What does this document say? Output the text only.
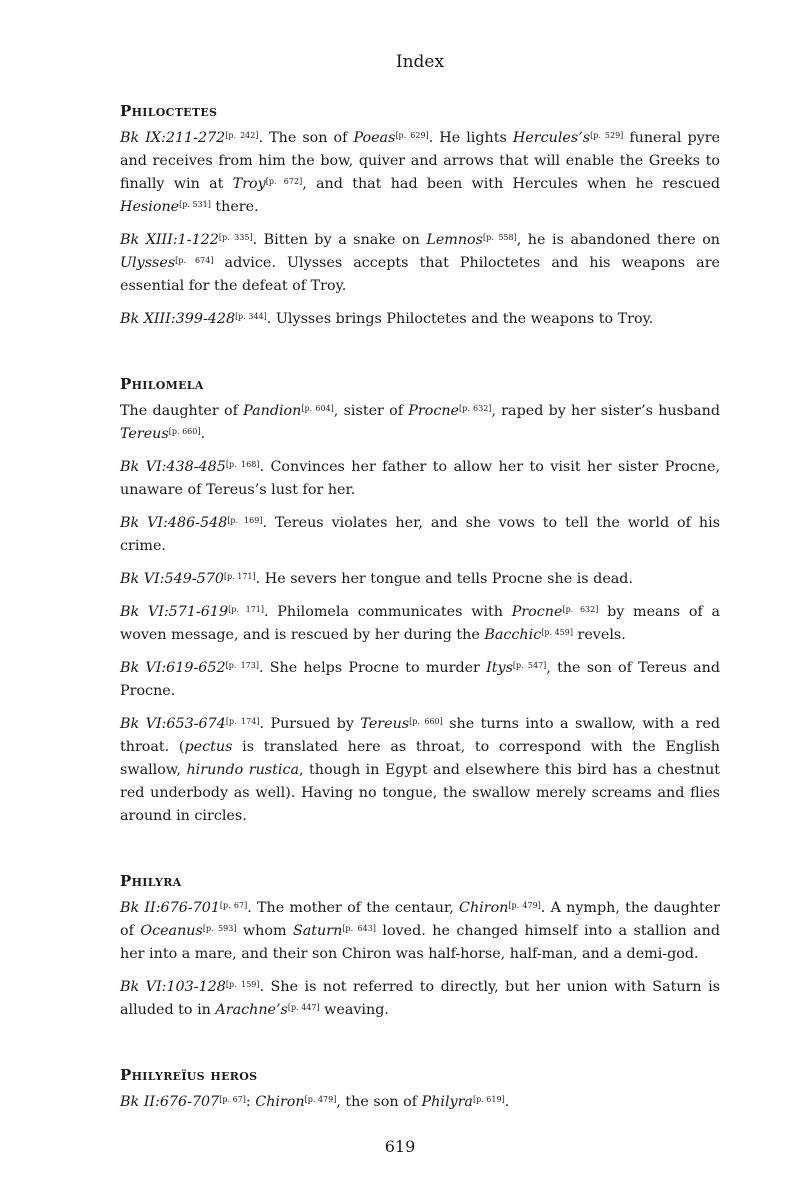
Index
Philoctetes

Bk IX:211-272[p. 242]. The son of Poeas[p. 629]. He lights Hercules’s[p. 529] funeral pyre and receives from him the bow, quiver and arrows that will enable the Greeks to finally win at Troy[p. 672], and that had been with Hercules when he rescued Hesione[p. 531] there.

Bk XIII:1-122[p. 335]. Bitten by a snake on Lemnos[p. 558], he is abandoned there on Ulysses[p. 674] advice. Ulysses accepts that Philoctetes and his weapons are essential for the defeat of Troy.

Bk XIII:399-428[p. 344]. Ulysses brings Philoctetes and the weapons to Troy.

Philomela

The daughter of Pandion[p. 604], sister of Procne[p. 632], raped by her sister’s husband Tereus[p. 660].

Bk VI:438-485[p. 168]. Convinces her father to allow her to visit her sister Procne, unaware of Tereus’s lust for her.

Bk VI:486-548[p. 169]. Tereus violates her, and she vows to tell the world of his crime.

Bk VI:549-570[p. 171]. He severs her tongue and tells Procne she is dead.

Bk VI:571-619[p. 171]. Philomela communicates with Procne[p. 632] by means of a woven message, and is rescued by her during the Bacchic[p. 459] revels.

Bk VI:619-652[p. 173]. She helps Procne to murder Itys[p. 547], the son of Tereus and Procne.

Bk VI:653-674[p. 174]. Pursued by Tereus[p. 660] she turns into a swallow, with a red throat. (pectus is translated here as throat, to correspond with the English swallow, hirundo rustica, though in Egypt and elsewhere this bird has a chestnut red underbody as well). Having no tongue, the swallow merely screams and flies around in circles.

Philyra

Bk II:676-701[p. 67]. The mother of the centaur, Chiron[p. 479]. A nymph, the daughter of Oceanus[p. 593] whom Saturn[p. 643] loved. he changed himself into a stallion and her into a mare, and their son Chiron was half-horse, half-man, and a demi-god.

Bk VI:103-128[p. 159]. She is not referred to directly, but her union with Saturn is alluded to in Arachne’s[p. 447] weaving.

Philyreïus heros

Bk II:676-707[p. 67]: Chiron[p. 479], the son of Philyra[p. 619].

619
